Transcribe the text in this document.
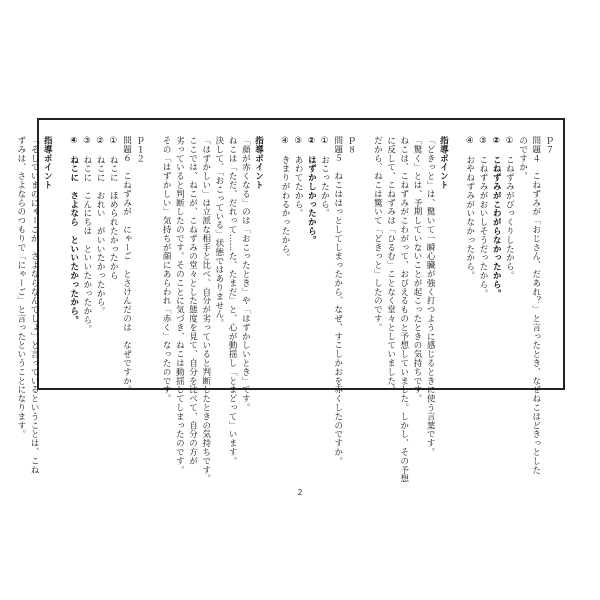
ｐ７
問題４　こねずみが「おじさん、だあれ？」と言ったとき、なぜねこはどきっとした
のですか。
①　こねずみがびっくりしたから。
②　こねずみがこわがらなかったから。
③　こねずみがおいしそうだったから。
④　おやねずみがいなかったから。

指導ポイント
「どきっと」は、驚いて一瞬心臓が強く打つように感じるときに使う言葉です。
「驚く」とは、予期していないことが起こったときの気持ちです。
ねこは、こねずみがこわがって、おびえるものと予想していました。しかし、その予想
に反して、こねずみは「ひるむ」ことなく堂々としていました。
だから、ねこは驚いて「どきっと」したのです。

ｐ８
問題５　ねこははっとしてしまったから、なぜ、すこしかおを赤くしたのですか。
①　おこったから。
②　はずかしかったから。
③　あわてたから。
④　きまりがわるかったから。

指導ポイント
「顔が赤くなる」のは「おこったとき」や「はずかしいとき」です。
ねこは「ただ、だれって……た、たまだ」と、心が動揺し「とまどって」います。
決して、「おこっている」状態ではありません。
「はずかしい」は立派な相手と比べ、自分が劣っていると判断したときの気持ちです。
ここでは、ねこが、こねずみの堂々とした態度を見て、自分を比べて、自分の方が
劣っていると判断したのです。そのことに気づき、ねこは動揺してしまったのです。
その「はずかしい」気持ちが顔にあらわれ「赤く」なったのです。

ｐ１２
問題６　こねずみが　にゃーご　とさけんだのは　なぜですか。
①　ねこに　ほめられたかったから
②　ねこに　おれい　がいいたかったから。
③　ねこに　こんにちは　といいたかったから。
④　ねこに　さよなら　といいたかったから。

指導ポイント
「そしていまのにゃーごが、さよならなんでしょ」と言っているということは、こね
ずみは、さよならのつもりで「にゃーご」と言ったということになります。
2
